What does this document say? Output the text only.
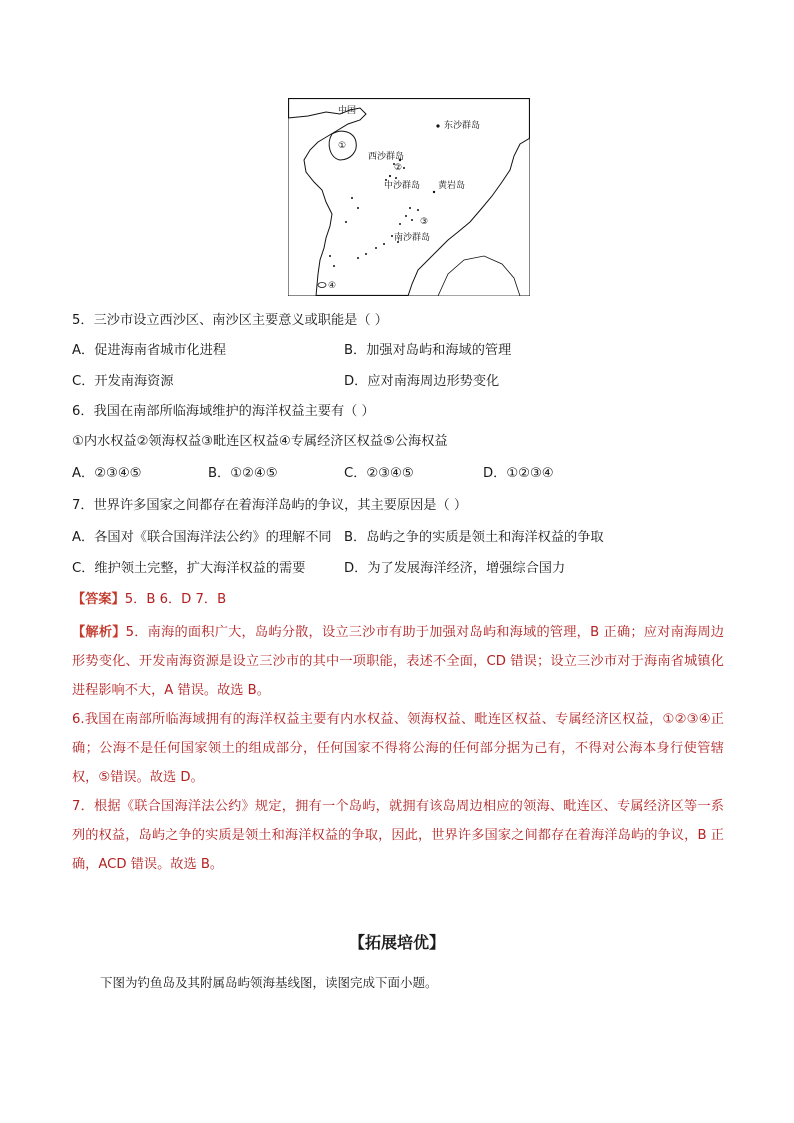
中国
东沙群岛
①
西沙群岛
②
中沙群岛 黄岩岛
③
南沙群岛
④
5．三沙市设立西沙区、南沙区主要意义或职能是（ ）
A．促进海南省城市化进程	B．加强对岛屿和海域的管理
C．开发南海资源	D．应对南海周边形势变化
6．我国在南部所临海域维护的海洋权益主要有（ ）
①内水权益②领海权益③毗连区权益④专属经济区权益⑤公海权益
A．②③④⑤	B．①②④⑤	C．②③④⑤	D．①②③④
7．世界许多国家之间都存在着海洋岛屿的争议，其主要原因是（ ）
A．各国对《联合国海洋法公约》的理解不同 B．岛屿之争的实质是领土和海洋权益的争取
C．维护领土完整，扩大海洋权益的需要	D．为了发展海洋经济，增强综合国力
【答案】5．B 6．D 7．B

【解析】5．南海的面积广大，岛屿分散，设立三沙市有助于加强对岛屿和海域的管理，B 正确；应对南海周边形势变化、开发南海资源是设立三沙市的其中一项职能，表述不全面，CD 错误；设立三沙市对于海南省城镇化进程影响不大，A 错误。故选 B。

6.我国在南部所临海域拥有的海洋权益主要有内水权益、领海权益、毗连区权益、专属经济区权益，①②③④正确；公海不是任何国家领土的组成部分，任何国家不得将公海的任何部分据为己有，不得对公海本身行使管辖权，⑤错误。故选 D。

7．根据《联合国海洋法公约》规定，拥有一个岛屿，就拥有该岛周边相应的领海、毗连区、专属经济区等一系列的权益，岛屿之争的实质是领土和海洋权益的争取，因此，世界许多国家之间都存在着海洋岛屿的争议，B 正确，ACD 错误。故选 B。

【拓展培优】
下图为钓鱼岛及其附属岛屿领海基线图，读图完成下面小题。
